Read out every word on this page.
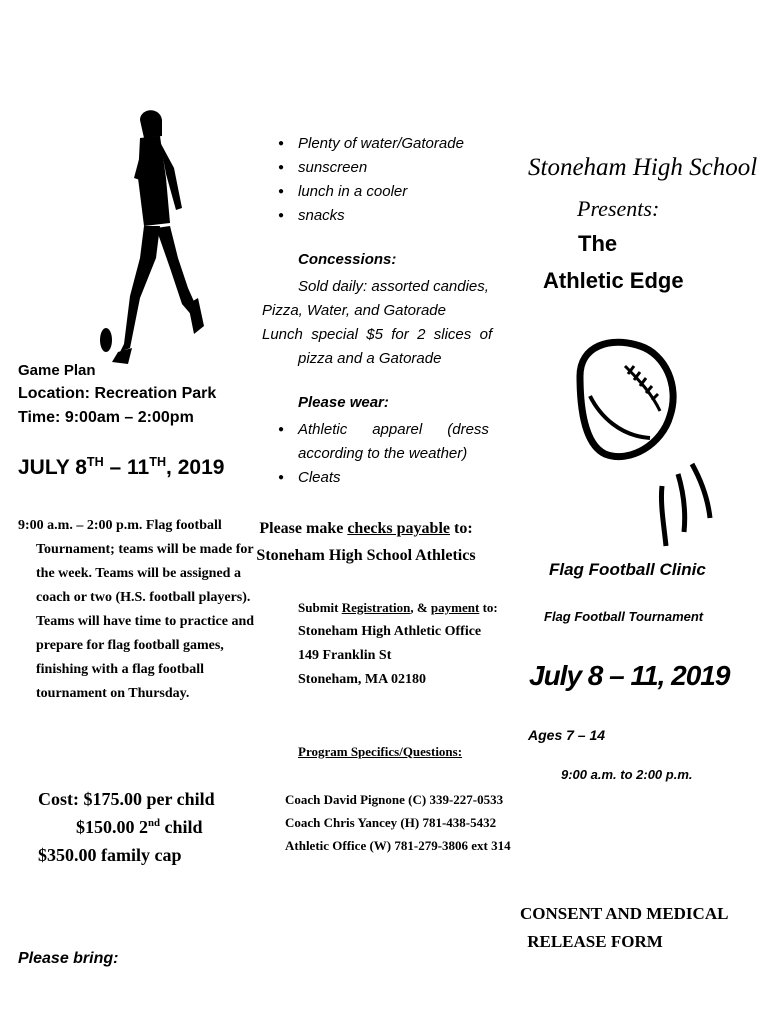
Game Plan
Location: Recreation Park
Time: 9:00am – 2:00pm
JULY 8TH – 11TH, 2019
9:00 a.m. – 2:00 p.m. Flag football
Tournament; teams will be made for
the week. Teams will be assigned a
coach or two (H.S. football players).
Teams will have time to practice and
prepare for flag football games,
finishing with a flag football
tournament on Thursday.
Cost: $175.00 per child
$150.00 2nd child
$350.00 family cap
Please bring:
● Plenty of water/Gatorade
● sunscreen
● lunch in a cooler
● snacks
Concessions:
Sold daily: assorted candies,
Pizza, Water, and Gatorade
Lunch  special  $5  for  2  slices  of
pizza and a Gatorade
Please wear:
● Athletic      apparel      (dress
according to the weather)
● Cleats
Please make checks payable to:
Stoneham High School Athletics
Submit Registration, & payment to:
Stoneham High Athletic Office
149 Franklin St
Stoneham, MA 02180
Program Specifics/Questions:
Coach David Pignone (C) 339-227-0533
Coach Chris Yancey (H) 781-438-5432
Athletic Office (W) 781-279-3806 ext 314
Stoneham High School
Presents:
The
Athletic Edge
Flag Football Clinic
Flag Football Tournament
July 8 – 11, 2019
Ages 7 – 14
9:00 a.m. to 2:00 p.m.
CONSENT AND MEDICAL
RELEASE FORM
